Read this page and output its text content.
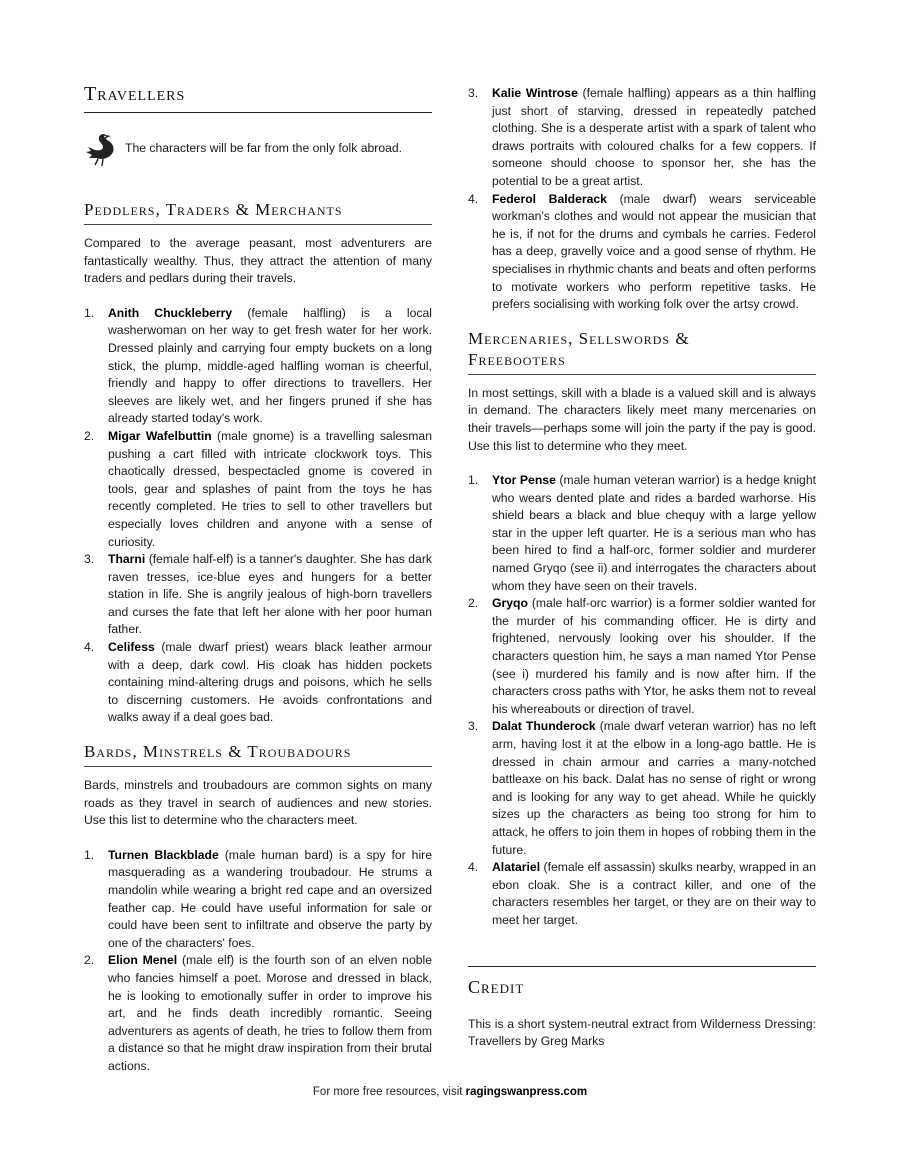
Travellers

The characters will be far from the only folk abroad.

Peddlers, Traders & Merchants

Compared to the average peasant, most adventurers are fantastically wealthy. Thus, they attract the attention of many traders and pedlars during their travels.

1. Anith Chuckleberry (female halfling) is a local washerwoman on her way to get fresh water for her work. Dressed plainly and carrying four empty buckets on a long stick, the plump, middle-aged halfling woman is cheerful, friendly and happy to offer directions to travellers. Her sleeves are likely wet, and her fingers pruned if she has already started today's work.
2. Migar Wafelbuttin (male gnome) is a travelling salesman pushing a cart filled with intricate clockwork toys. This chaotically dressed, bespectacled gnome is covered in tools, gear and splashes of paint from the toys he has recently completed. He tries to sell to other travellers but especially loves children and anyone with a sense of curiosity.
3. Tharni (female half-elf) is a tanner's daughter. She has dark raven tresses, ice-blue eyes and hungers for a better station in life. She is angrily jealous of high-born travellers and curses the fate that left her alone with her poor human father.
4. Celifess (male dwarf priest) wears black leather armour with a deep, dark cowl. His cloak has hidden pockets containing mind-altering drugs and poisons, which he sells to discerning customers. He avoids confrontations and walks away if a deal goes bad.
Bards, Minstrels & Troubadours

Bards, minstrels and troubadours are common sights on many roads as they travel in search of audiences and new stories. Use this list to determine who the characters meet.

1. Turnen Blackblade (male human bard) is a spy for hire masquerading as a wandering troubadour. He strums a mandolin while wearing a bright red cape and an oversized feather cap. He could have useful information for sale or could have been sent to infiltrate and observe the party by one of the characters' foes.
2. Elion Menel (male elf) is the fourth son of an elven noble who fancies himself a poet. Morose and dressed in black, he is looking to emotionally suffer in order to improve his art, and he finds death incredibly romantic. Seeing adventurers as agents of death, he tries to follow them from a distance so that he might draw inspiration from their brutal actions.
3. Kalie Wintrose (female halfling) appears as a thin halfling just short of starving, dressed in repeatedly patched clothing. She is a desperate artist with a spark of talent who draws portraits with coloured chalks for a few coppers. If someone should choose to sponsor her, she has the potential to be a great artist.
4. Federol Balderack (male dwarf) wears serviceable workman's clothes and would not appear the musician that he is, if not for the drums and cymbals he carries. Federol has a deep, gravelly voice and a good sense of rhythm. He specialises in rhythmic chants and beats and often performs to motivate workers who perform repetitive tasks. He prefers socialising with working folk over the artsy crowd.
Mercenaries, Sellswords &
Freebooters

In most settings, skill with a blade is a valued skill and is always in demand. The characters likely meet many mercenaries on their travels—perhaps some will join the party if the pay is good. Use this list to determine who they meet.

1. Ytor Pense (male human veteran warrior) is a hedge knight who wears dented plate and rides a barded warhorse. His shield bears a black and blue chequy with a large yellow star in the upper left quarter. He is a serious man who has been hired to find a half-orc, former soldier and murderer named Gryqo (see ii) and interrogates the characters about whom they have seen on their travels.
2. Gryqo (male half-orc warrior) is a former soldier wanted for the murder of his commanding officer. He is dirty and frightened, nervously looking over his shoulder. If the characters question him, he says a man named Ytor Pense (see i) murdered his family and is now after him. If the characters cross paths with Ytor, he asks them not to reveal his whereabouts or direction of travel.
3. Dalat Thunderock (male dwarf veteran warrior) has no left arm, having lost it at the elbow in a long-ago battle. He is dressed in chain armour and carries a many-notched battleaxe on his back. Dalat has no sense of right or wrong and is looking for any way to get ahead. While he quickly sizes up the characters as being too strong for him to attack, he offers to join them in hopes of robbing them in the future.
4. Alatariel (female elf assassin) skulks nearby, wrapped in an ebon cloak. She is a contract killer, and one of the characters resembles her target, or they are on their way to meet her target.
Credit

This is a short system-neutral extract from Wilderness Dressing: Travellers by Greg Marks

For more free resources, visit ragingswanpress.com
